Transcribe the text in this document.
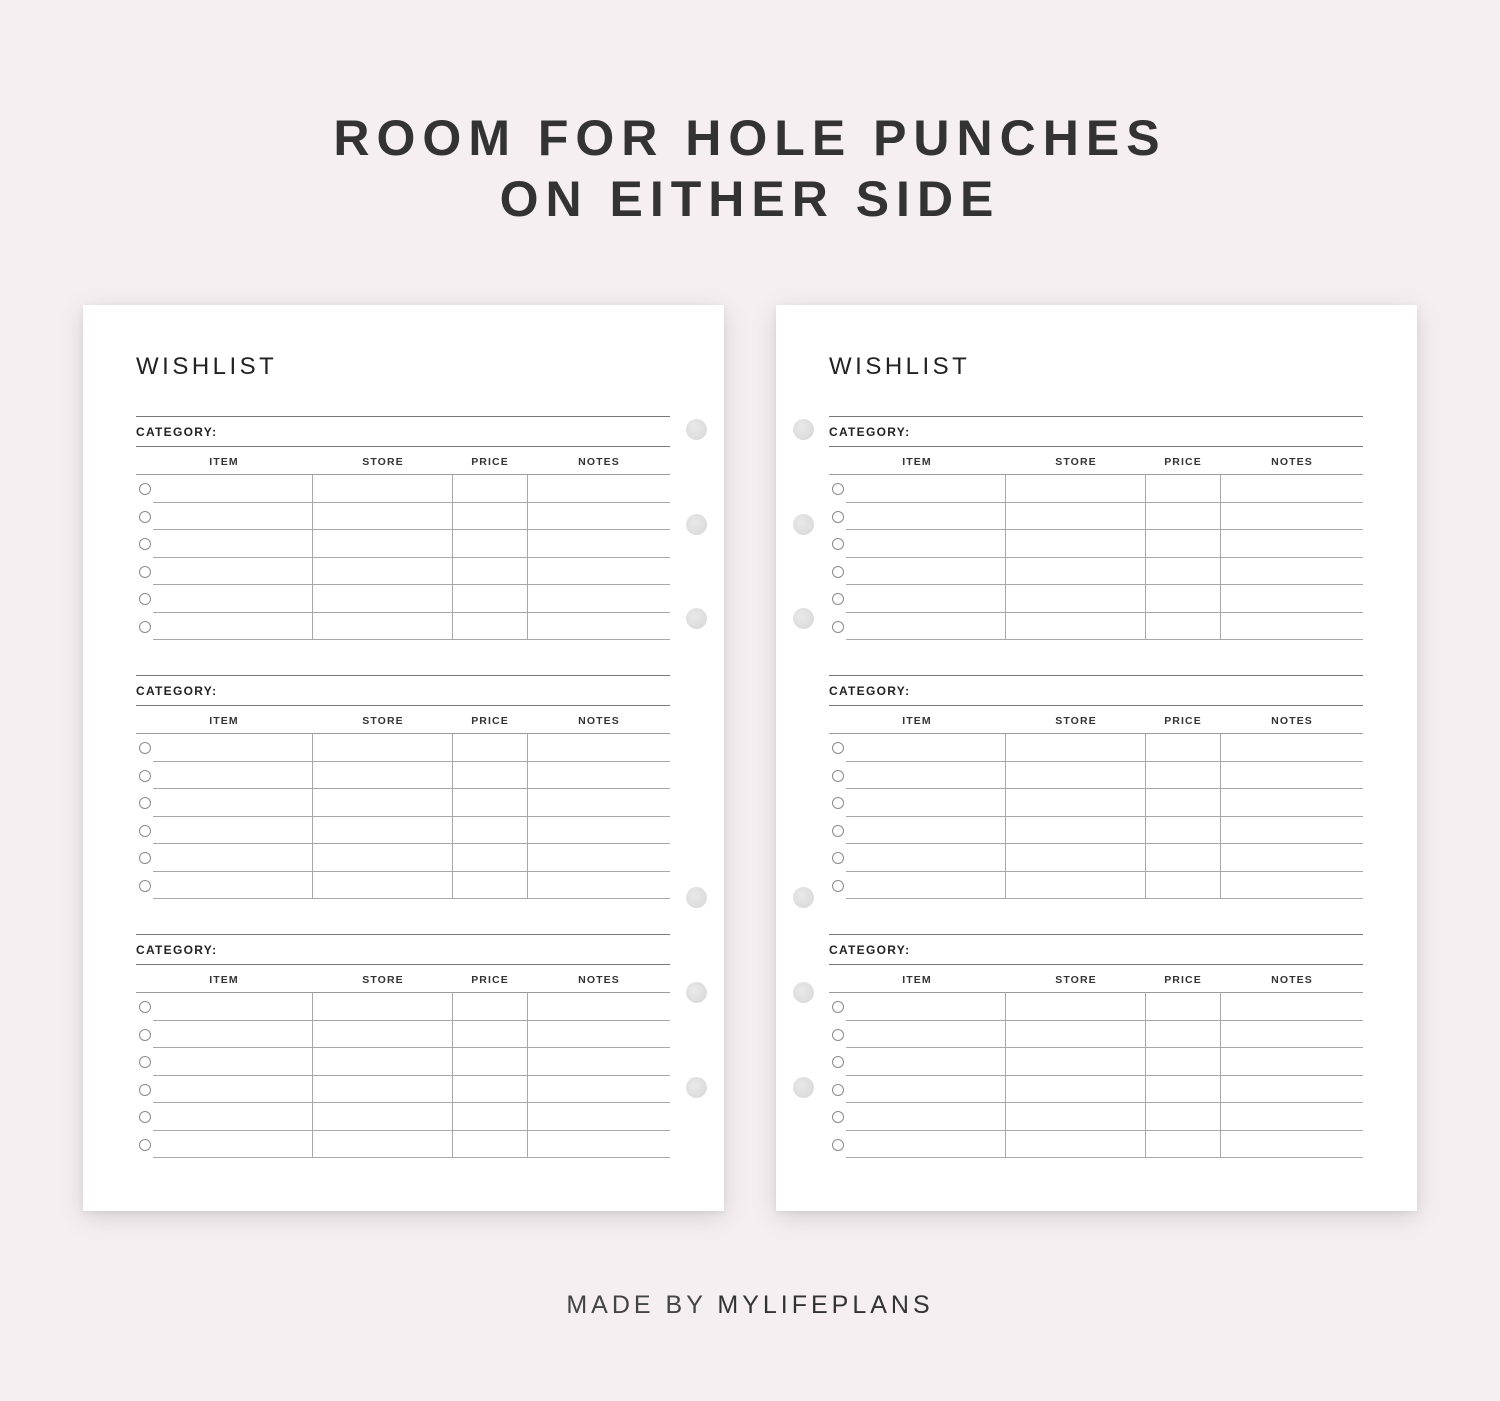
ROOM FOR HOLE PUNCHES
ON EITHER SIDE
WISHLIST
CATEGORY:
ITEM	STORE	PRICE	NOTES
CATEGORY:
ITEM	STORE	PRICE	NOTES
CATEGORY:
ITEM	STORE	PRICE	NOTES
WISHLIST
CATEGORY:
ITEM	STORE	PRICE	NOTES
CATEGORY:
ITEM	STORE	PRICE	NOTES
CATEGORY:
ITEM	STORE	PRICE	NOTES
MADE BY MYLIFEPLANS
